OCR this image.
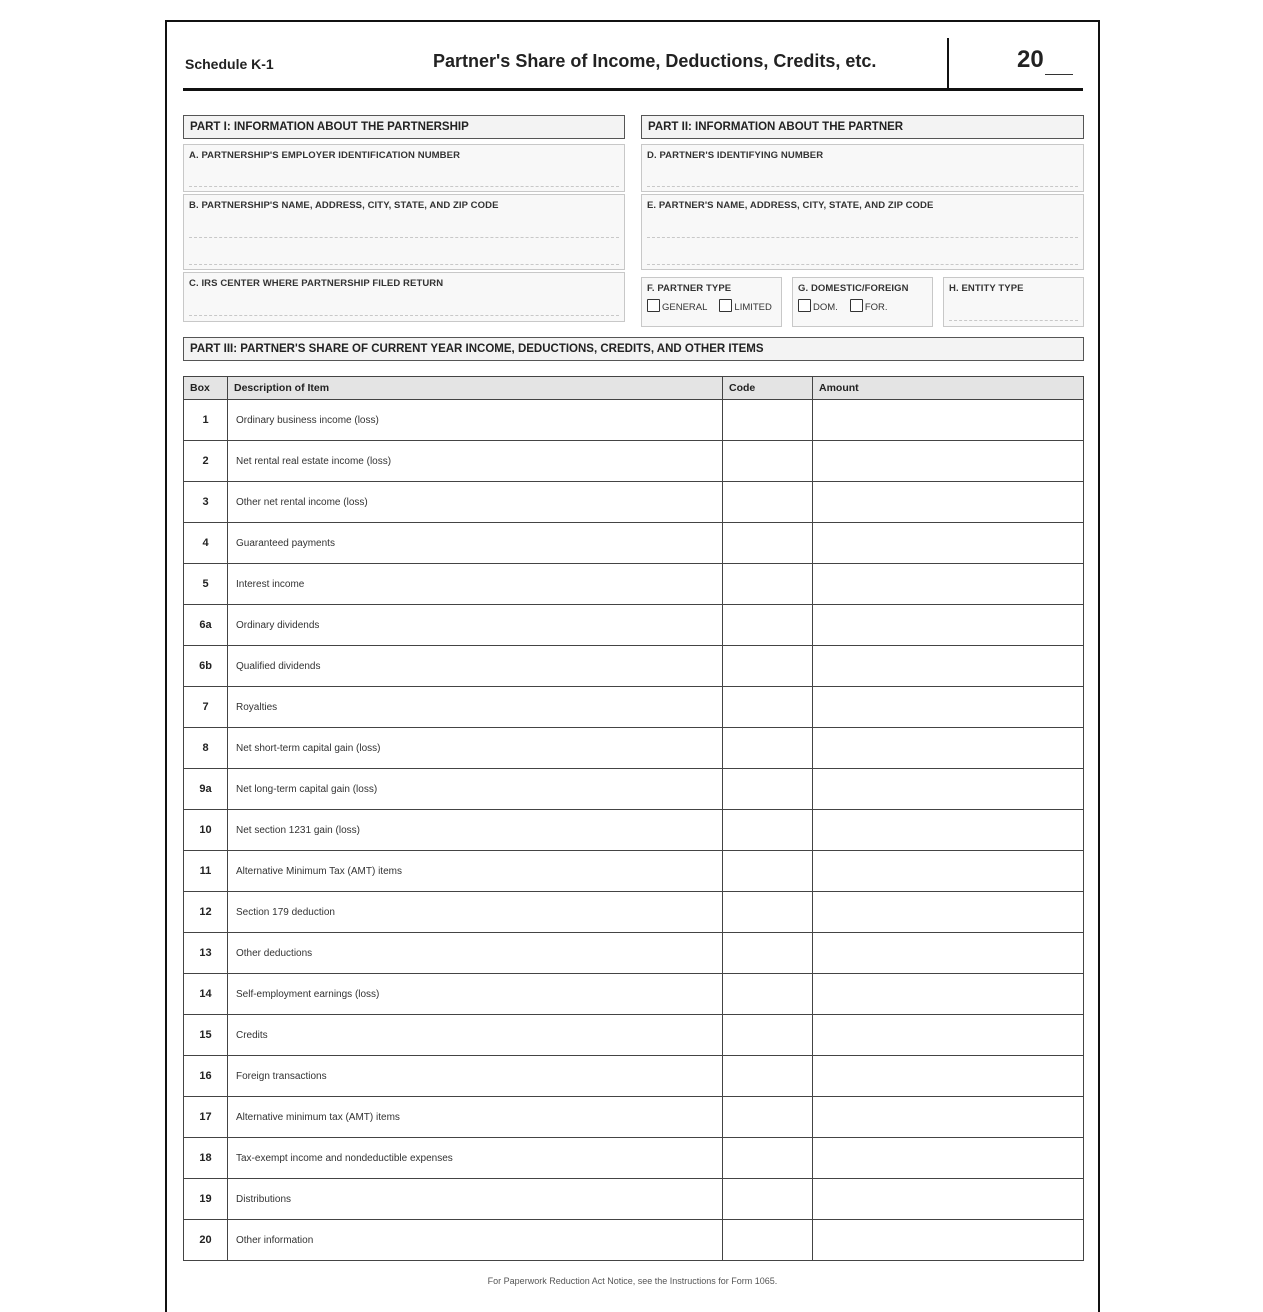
Schedule K-1	Partner's Share of Income, Deductions, Credits, etc.	20
PART I: INFORMATION ABOUT THE PARTNERSHIP
A. PARTNERSHIP'S EMPLOYER IDENTIFICATION NUMBER
B. PARTNERSHIP'S NAME, ADDRESS, CITY, STATE, AND ZIP CODE
C. IRS CENTER WHERE PARTNERSHIP FILED RETURN
PART II: INFORMATION ABOUT THE PARTNER
D. PARTNER'S IDENTIFYING NUMBER
E. PARTNER'S NAME, ADDRESS, CITY, STATE, AND ZIP CODE
F. PARTNER TYPE
GENERAL	LIMITED
G. DOMESTIC/FOREIGN
DOM.	FOR.
H. ENTITY TYPE
PART III: PARTNER'S SHARE OF CURRENT YEAR INCOME, DEDUCTIONS, CREDITS, AND OTHER ITEMS
Box	Description of Item	Code	Amount
1	Ordinary business income (loss)		
2	Net rental real estate income (loss)		
3	Other net rental income (loss)		
4	Guaranteed payments		
5	Interest income		
6a	Ordinary dividends		
6b	Qualified dividends		
7	Royalties		
8	Net short-term capital gain (loss)		
9a	Net long-term capital gain (loss)		
10	Net section 1231 gain (loss)		
11	Alternative Minimum Tax (AMT) items		
12	Section 179 deduction		
13	Other deductions		
14	Self-employment earnings (loss)		
15	Credits		
16	Foreign transactions		
17	Alternative minimum tax (AMT) items		
18	Tax-exempt income and nondeductible expenses		
19	Distributions		
20	Other information		
For Paperwork Reduction Act Notice, see the Instructions for Form 1065.
